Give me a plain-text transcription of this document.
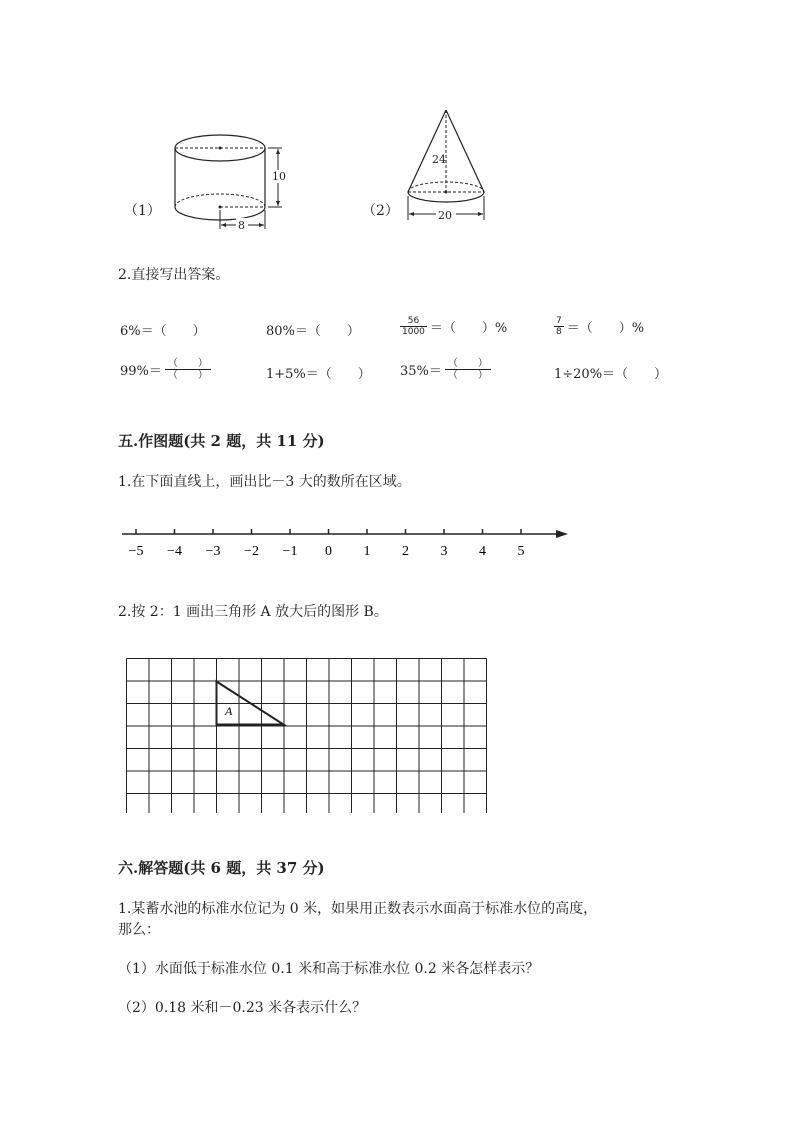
（1）
10
8
（2）
24
20
2.直接写出答案。
6%＝（　　）	80%＝（　　）	$\frac{56}{1000}$ ＝（　　）%	$\frac{7}{8}$ ＝（　　）%
$99\%= \frac{( )}{( )}$	1+5%＝（　　） $35\%= \frac{( )}{( )}$	1÷20%＝（　　）
五.作图题(共 2 题，共 11 分)
1.在下面直线上，画出比－3 大的数所在区域。
−5 −4 −3 −2 −1 0 1 2 3 4 5
2.按 2：1 画出三角形 A 放大后的图形 B。
A
六.解答题(共 6 题，共 37 分)
1.某蓄水池的标准水位记为 0 米，如果用正数表示水面高于标准水位的高度，
那么：
（1）水面低于标准水位 0.1 米和高于标准水位 0.2 米各怎样表示？
（2）0.18 米和－0.23 米各表示什么？
